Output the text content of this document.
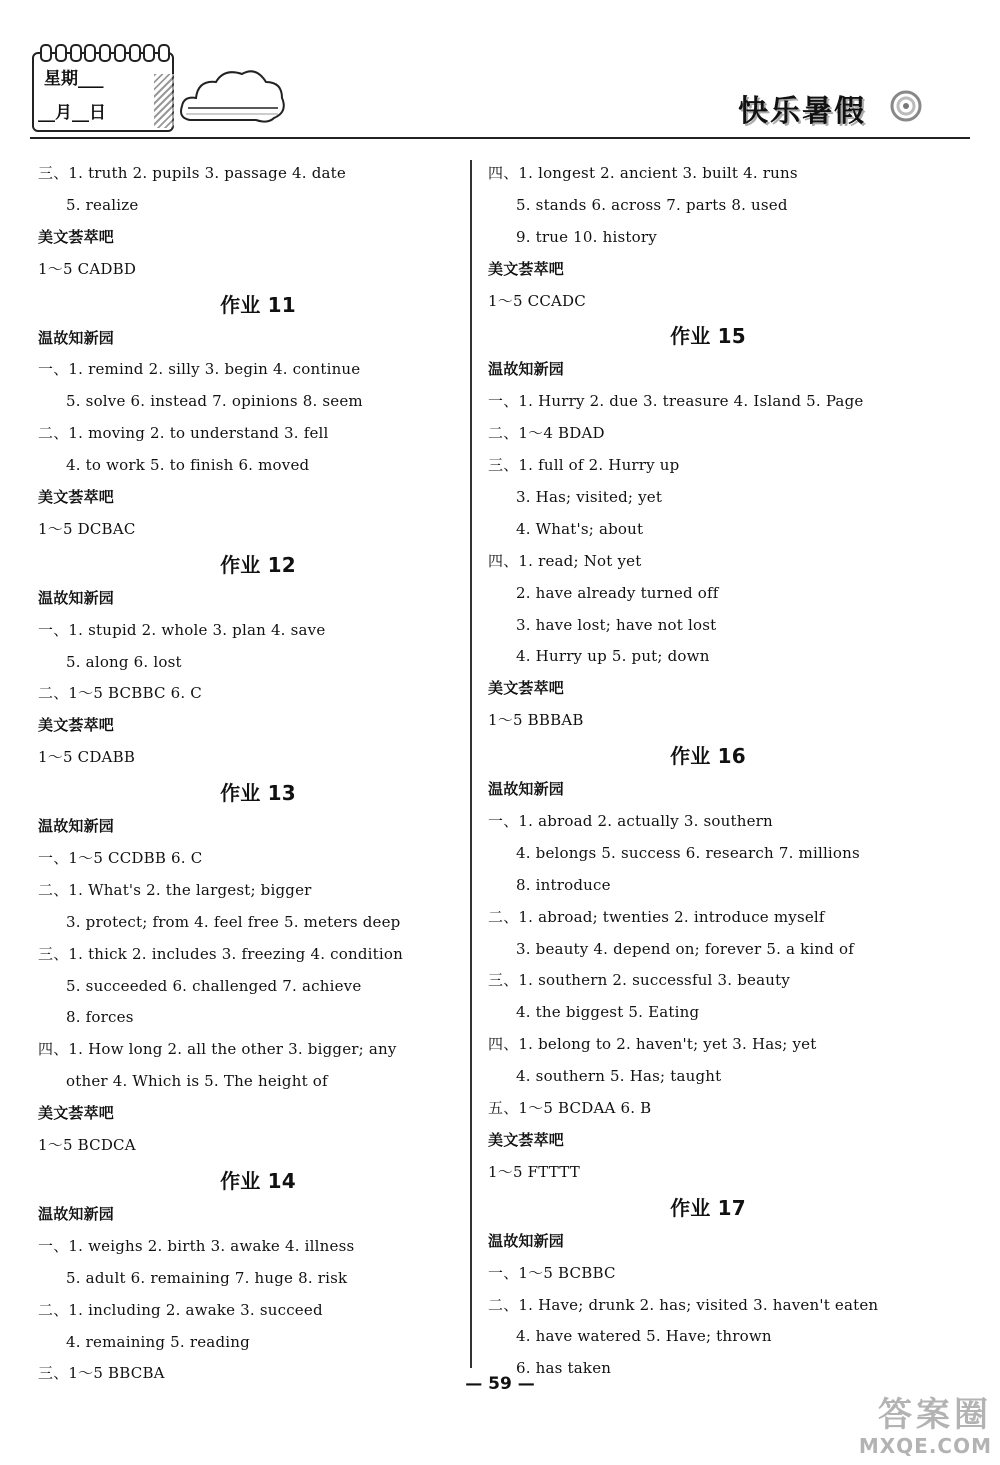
星期___
__月__日	快乐暑假
三、1. truth 2. pupils 3. passage 4. date
5. realize
美文荟萃吧
1～5 CADBD
作业 11
温故知新园
一、1. remind 2. silly 3. begin 4. continue
5. solve 6. instead 7. opinions 8. seem
二、1. moving 2. to understand 3. fell
4. to work 5. to finish 6. moved
美文荟萃吧
1～5 DCBAC
作业 12
温故知新园
一、1. stupid 2. whole 3. plan 4. save
5. along 6. lost
二、1～5 BCBBC 6. C
美文荟萃吧
1～5 CDABB
作业 13
温故知新园
一、1～5 CCDBB 6. C
二、1. What's 2. the largest; bigger
3. protect; from 4. feel free 5. meters deep
三、1. thick 2. includes 3. freezing 4. condition
5. succeeded 6. challenged 7. achieve
8. forces
四、1. How long 2. all the other 3. bigger; any
other 4. Which is 5. The height of
美文荟萃吧
1～5 BCDCA
作业 14
温故知新园
一、1. weighs 2. birth 3. awake 4. illness
5. adult 6. remaining 7. huge 8. risk
二、1. including 2. awake 3. succeed
4. remaining 5. reading
三、1～5 BBCBA
四、1. longest 2. ancient 3. built 4. runs
5. stands 6. across 7. parts 8. used
9. true 10. history
美文荟萃吧
1～5 CCADC
作业 15
温故知新园
一、1. Hurry 2. due 3. treasure 4. Island 5. Page
二、1～4 BDAD
三、1. full of 2. Hurry up
3. Has; visited; yet
4. What's; about
四、1. read; Not yet
2. have already turned off
3. have lost; have not lost
4. Hurry up 5. put; down
美文荟萃吧
1～5 BBBAB
作业 16
温故知新园
一、1. abroad 2. actually 3. southern
4. belongs 5. success 6. research 7. millions
8. introduce
二、1. abroad; twenties 2. introduce myself
3. beauty 4. depend on; forever 5. a kind of
三、1. southern 2. successful 3. beauty
4. the biggest 5. Eating
四、1. belong to 2. haven't; yet 3. Has; yet
4. southern 5. Has; taught
五、1～5 BCDAA 6. B
美文荟萃吧
1～5 FTTTT
作业 17
温故知新园
一、1～5 BCBBC
二、1. Have; drunk 2. has; visited 3. haven't eaten
4. have watered 5. Have; thrown
6. has taken
— 59 —
答案圈
MXQE.COM
